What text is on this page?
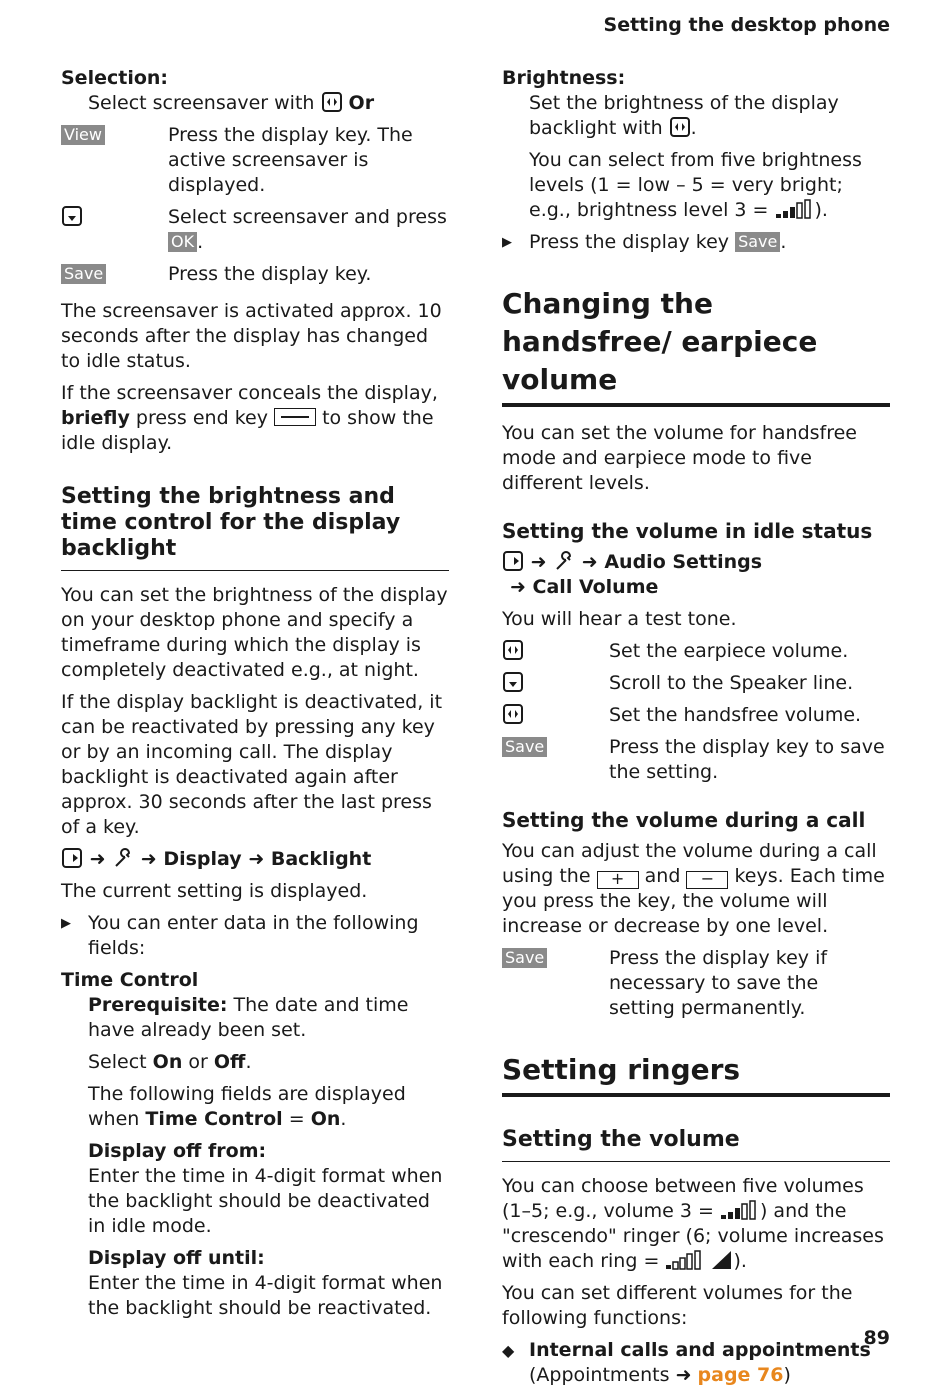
Setting the desktop phone

Selection:

Select screensaver with Or

View	Press the display key. The active screensaver is displayed.
Select screensaver and press OK .
Save	Press the display key.

The screensaver is activated approx. 10 seconds after the display has changed to idle status.

If the screensaver conceals the display, briefly press end key	to show the idle display.

Setting the brightness and time control for the display backlight

You can set the brightness of the display on your desktop phone and specify a timeframe during which the display is completely deactivated e.g., at night.

If the display backlight is deactivated, it can be reactivated by pressing any key or by an incoming call. The display backlight is deactivated again after approx. 30 seconds after the last press of a key.

➜ ➜ Display ➜ Backlight

The current setting is displayed.

▶ You can enter data in the following fields:

Time Control

Prerequisite: The date and time have already been set.

Select On or Off.

The following fields are displayed when Time Control = On.

Display off from:

Enter the time in 4-digit format when the backlight should be deactivated in idle mode.

Display off until:

Enter the time in 4-digit format when the backlight should be reactivated.

Brightness:

Set the brightness of the display backlight with .

You can select from five brightness levels (1 = low – 5 = very bright; e.g., brightness level 3 = ).

▶ Press the display key Save .
Changing the handsfree/ earpiece volume

You can set the volume for handsfree mode and earpiece mode to five different levels.

Setting the volume in idle status

➜ ➜ Audio Settings

➜ Call Volume

You will hear a test tone.

Set the earpiece volume.
Scroll to the Speaker line.
Set the handsfree volume.
Save	Press the display key to save the setting.
Setting the volume during a call

You can adjust the volume during a call using the + and − keys. Each time you press the key, the volume will increase or decrease by one level.

Save	Press the display key if necessary to save the setting permanently.
Setting ringers
Setting the volume

You can choose between five volumes (1–5; e.g., volume 3 = ) and the "crescendo" ringer (6; volume increases with each ring =	).

You can set different volumes for the following functions:

◆ Internal calls and appointments
(Appointments ➜ page 76)
89
